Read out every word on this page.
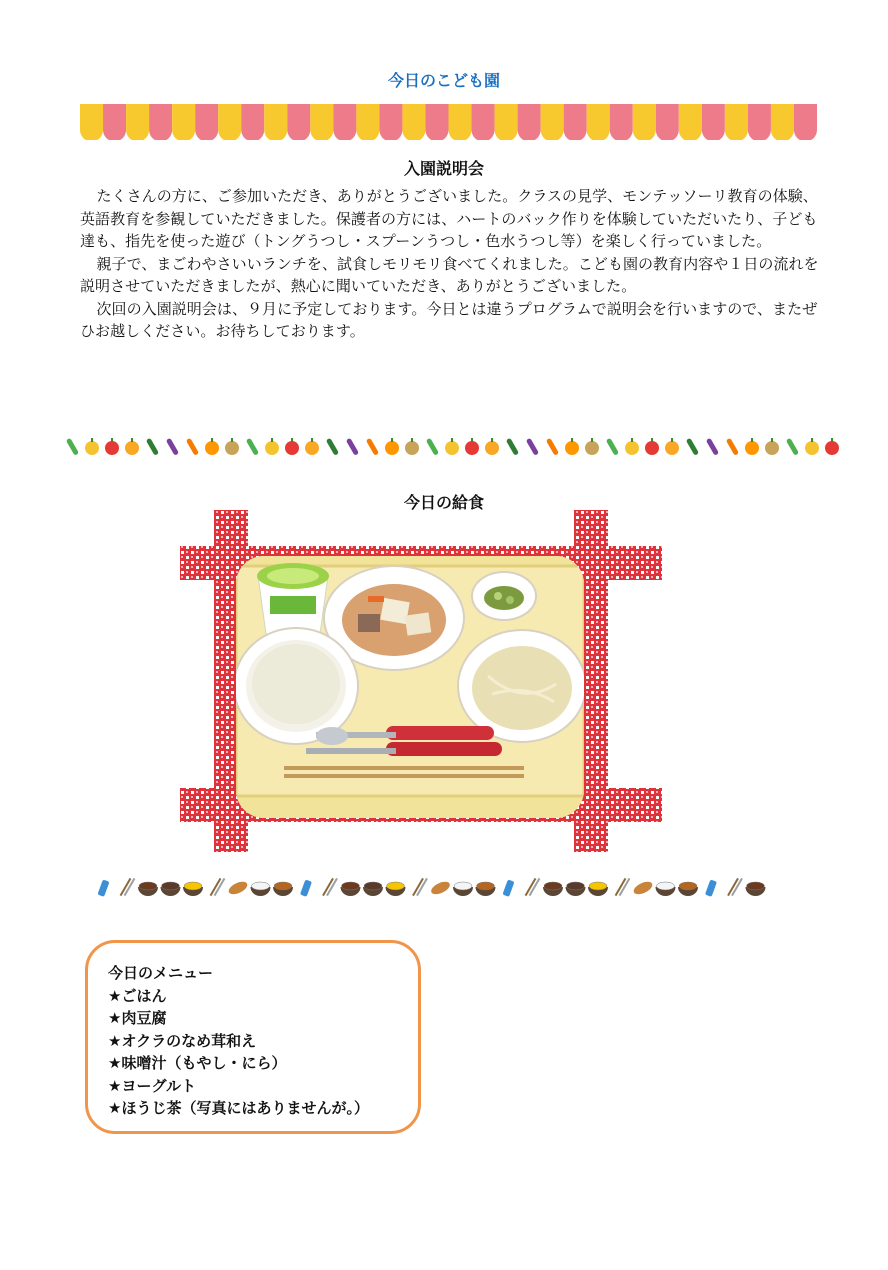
今日のこども園
入園説明会

たくさんの方に、ご参加いただき、ありがとうございました。クラスの見学、モンテッソーリ教育の体験、英語教育を参観していただきました。保護者の方には、ハートのバック作りを体験していただいたり、子ども達も、指先を使った遊び（トングうつし・スプーンうつし・色水うつし等）を楽しく行っていました。

親子で、まごわやさいいランチを、試食しモリモリ食べてくれました。こども園の教育内容や１日の流れを説明させていただきましたが、熱心に聞いていただき、ありがとうございました。

次回の入園説明会は、９月に予定しております。今日とは違うプログラムで説明会を行いますので、またぜひお越しください。お待ちしております。

今日の給食
今日のメニュー
★ごはん
★肉豆腐
★オクラのなめ茸和え
★味噌汁（もやし・にら）
★ヨーグルト
★ほうじ茶（写真にはありませんが。）
